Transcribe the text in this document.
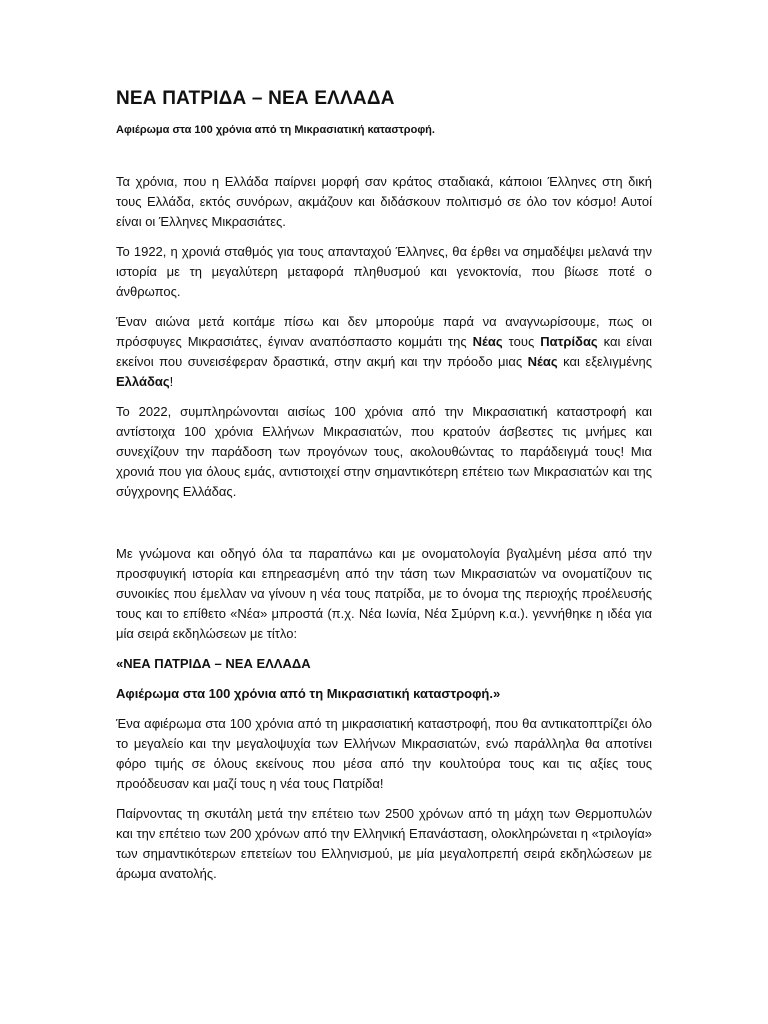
ΝΕΑ ΠΑΤΡΙΔΑ – ΝΕΑ ΕΛΛΑΔΑ
Αφιέρωμα στα 100 χρόνια από τη Μικρασιατική καταστροφή.

Τα χρόνια, που η Ελλάδα παίρνει μορφή σαν κράτος σταδιακά, κάποιοι Έλληνες στη δική τους Ελλάδα, εκτός συνόρων, ακμάζουν και διδάσκουν πολιτισμό σε όλο τον κόσμο! Αυτοί είναι οι Έλληνες Μικρασιάτες.

Το 1922, η χρονιά σταθμός για τους απανταχού Έλληνες, θα έρθει να σημαδέψει μελανά την ιστορία με τη μεγαλύτερη μεταφορά πληθυσμού και γενοκτονία, που βίωσε ποτέ ο άνθρωπος.

Έναν αιώνα μετά κοιτάμε πίσω και δεν μπορούμε παρά να αναγνωρίσουμε, πως οι πρόσφυγες Μικρασιάτες, έγιναν αναπόσπαστο κομμάτι της Νέας τους Πατρίδας και είναι εκείνοι που συνεισέφεραν δραστικά, στην ακμή και την πρόοδο μιας Νέας και εξελιγμένης Ελλάδας!

Το 2022, συμπληρώνονται αισίως 100 χρόνια από την Μικρασιατική καταστροφή και αντίστοιχα 100 χρόνια Ελλήνων Μικρασιατών, που κρατούν άσβεστες τις μνήμες και συνεχίζουν την παράδοση των προγόνων τους, ακολουθώντας το παράδειγμά τους! Μια χρονιά που για όλους εμάς, αντιστοιχεί στην σημαντικότερη επέτειο των Μικρασιατών και της σύγχρονης Ελλάδας.

Με γνώμονα και οδηγό όλα τα παραπάνω και με ονοματολογία βγαλμένη μέσα από την προσφυγική ιστορία και επηρεασμένη από την τάση των Μικρασιατών να ονοματίζουν τις συνοικίες που έμελλαν να γίνουν η νέα τους πατρίδα, με το όνομα της περιοχής προέλευσής τους και το επίθετο «Νέα» μπροστά (π.χ. Νέα Ιωνία, Νέα Σμύρνη κ.α.). γεννήθηκε η ιδέα για μία σειρά εκδηλώσεων με τίτλο:

«ΝΕΑ ΠΑΤΡΙΔΑ – ΝΕΑ ΕΛΛΑΔΑ

Αφιέρωμα στα 100 χρόνια από τη Μικρασιατική καταστροφή.»

Ένα αφιέρωμα στα 100 χρόνια από τη μικρασιατική καταστροφή, που θα αντικατοπτρίζει όλο το μεγαλείο και την μεγαλοψυχία των Ελλήνων Μικρασιατών, ενώ παράλληλα θα αποτίνει φόρο τιμής σε όλους εκείνους που μέσα από την κουλτούρα τους και τις αξίες τους προόδευσαν και μαζί τους η νέα τους Πατρίδα!

Παίρνοντας τη σκυτάλη μετά την επέτειο των 2500 χρόνων από τη μάχη των Θερμοπυλών και την επέτειο των 200 χρόνων από την Ελληνική Επανάσταση, ολοκληρώνεται η «τριλογία» των σημαντικότερων επετείων του Ελληνισμού, με μία μεγαλοπρεπή σειρά εκδηλώσεων με άρωμα ανατολής.
